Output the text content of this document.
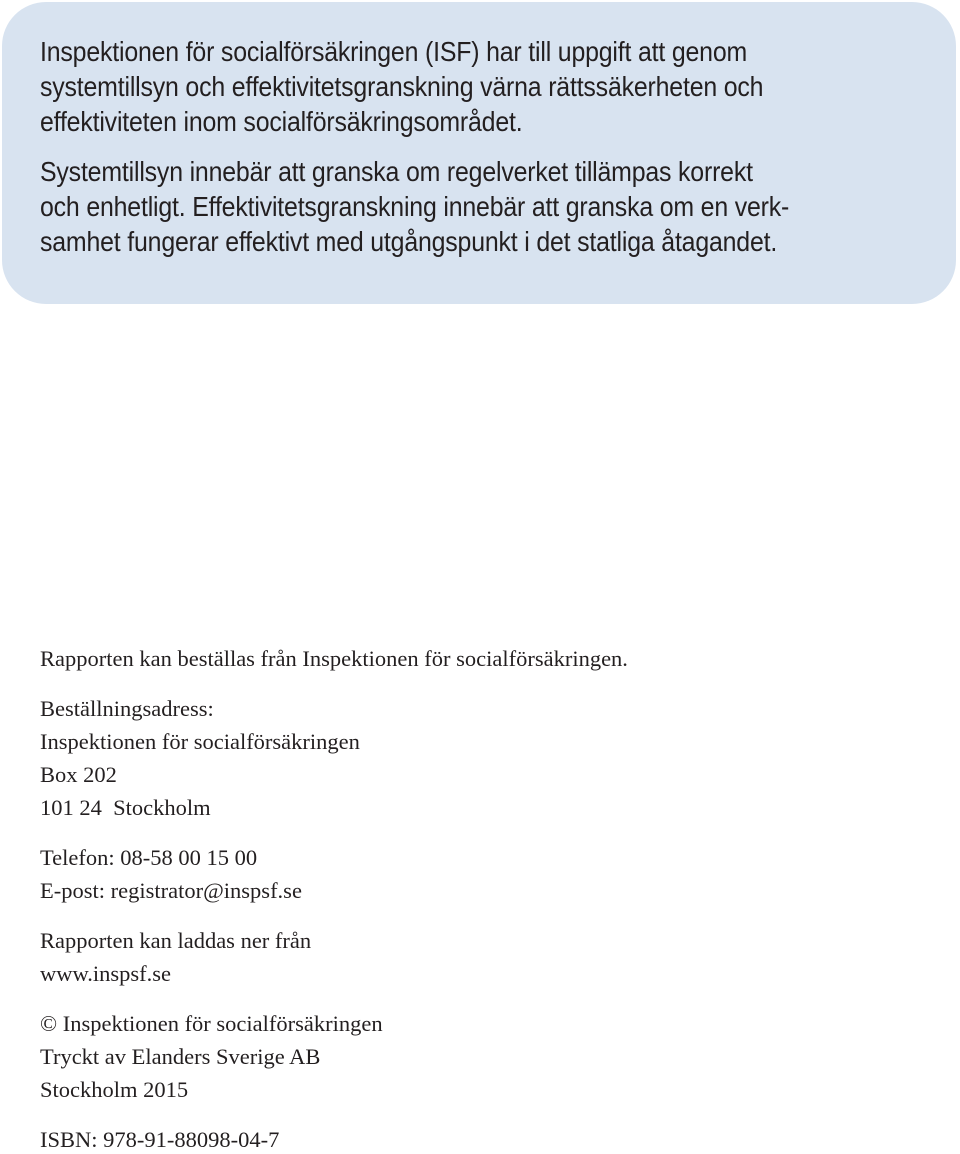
Inspektionen för socialförsäkringen (ISF) har till uppgift att genom
systemtillsyn och effektivitetsgranskning värna rättssäkerheten och
effektiviteten inom socialförsäkringsområdet.

Systemtillsyn innebär att granska om regelverket tillämpas korrekt
och enhetligt. Effektivitetsgranskning innebär att granska om en verk-
samhet fungerar effektivt med utgångspunkt i det statliga åtagandet.

Rapporten kan beställas från Inspektionen för socialförsäkringen.

Beställningsadress:

Inspektionen för socialförsäkringen

Box 202

101 24  Stockholm

Telefon: 08-58 00 15 00

E-post: registrator@inspsf.se

Rapporten kan laddas ner från

www.inspsf.se

© Inspektionen för socialförsäkringen

Tryckt av Elanders Sverige AB

Stockholm 2015

ISBN: 978-91-88098-04-7
